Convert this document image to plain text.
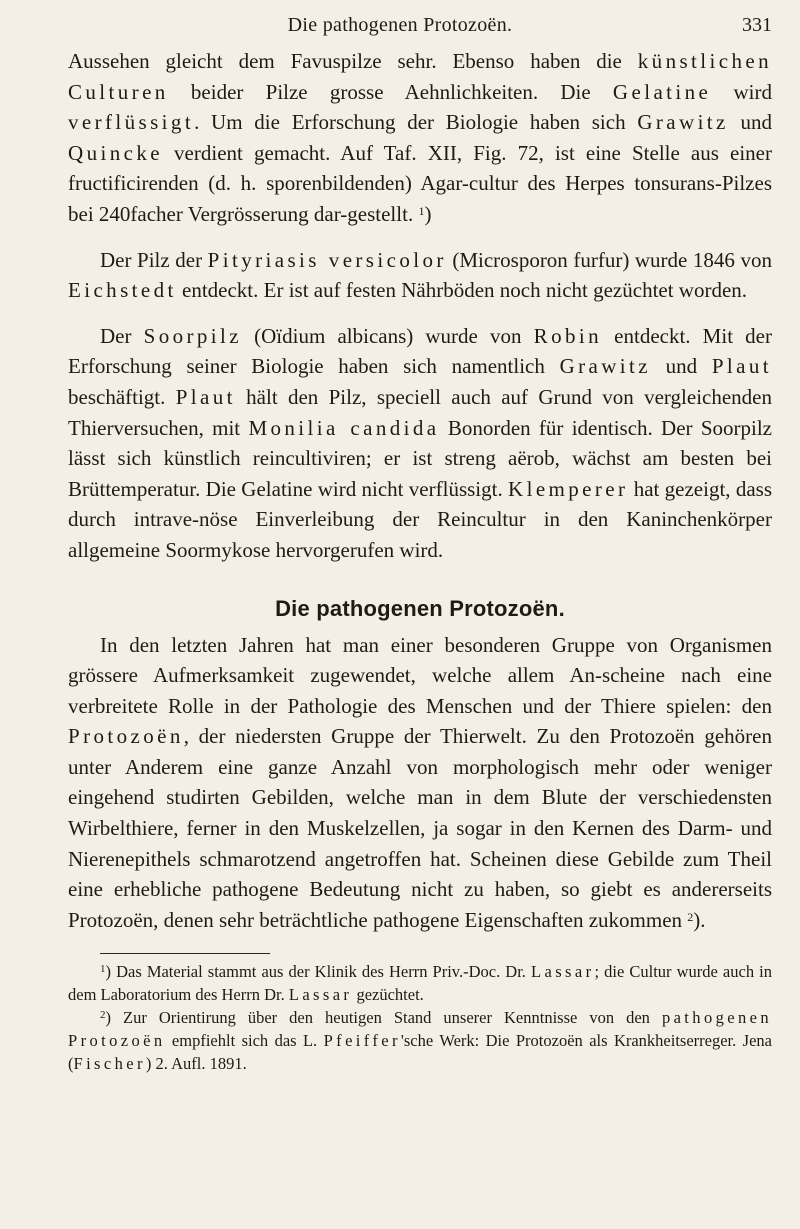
Die pathogenen Protozoën.	331

Aussehen gleicht dem Favuspilze sehr. Ebenso haben die künstlichen Culturen beider Pilze grosse Aehnlichkeiten. Die Gelatine wird verflüssigt. Um die Erforschung der Biologie haben sich Grawitz und Quincke verdient gemacht. Auf Taf. XII, Fig. 72, ist eine Stelle aus einer fructificirenden (d. h. sporenbildenden) Agar-cultur des Herpes tonsurans-Pilzes bei 240facher Vergrösserung dar-gestellt. $^1$)

Der Pilz der Pityriasis versicolor (Microsporon furfur) wurde 1846 von Eichstedt entdeckt. Er ist auf festen Nährböden noch nicht gezüchtet worden.

Der Soorpilz (Oïdium albicans) wurde von Robin entdeckt. Mit der Erforschung seiner Biologie haben sich namentlich Grawitz und Plaut beschäftigt. Plaut hält den Pilz, speciell auch auf Grund von vergleichenden Thierversuchen, mit Monilia candida Bonorden für identisch. Der Soorpilz lässt sich künstlich reincultiviren; er ist streng aërob, wächst am besten bei Brüttemperatur. Die Gelatine wird nicht verflüssigt. Klemperer hat gezeigt, dass durch intrave-nöse Einverleibung der Reincultur in den Kaninchenkörper allgemeine Soormykose hervorgerufen wird.

Die pathogenen Protozoën.

In den letzten Jahren hat man einer besonderen Gruppe von Organismen grössere Aufmerksamkeit zugewendet, welche allem An-scheine nach eine verbreitete Rolle in der Pathologie des Menschen und der Thiere spielen: den Protozoën, der niedersten Gruppe der Thierwelt. Zu den Protozoën gehören unter Anderem eine ganze Anzahl von morphologisch mehr oder weniger eingehend studirten Gebilden, welche man in dem Blute der verschiedensten Wirbelthiere, ferner in den Muskelzellen, ja sogar in den Kernen des Darm- und Nierenepithels schmarotzend angetroffen hat. Scheinen diese Gebilde zum Theil eine erhebliche pathogene Bedeutung nicht zu haben, so giebt es andererseits Protozoën, denen sehr beträchtliche pathogene Eigenschaften zukommen $^2$).

$^1$) Das Material stammt aus der Klinik des Herrn Priv.-Doc. Dr. Lassar; die Cultur wurde auch in dem Laboratorium des Herrn Dr. Lassar gezüchtet.

$^2$) Zur Orientirung über den heutigen Stand unserer Kenntnisse von den pathogenen Protozoën empfiehlt sich das L. Pfeiffer'sche Werk: Die Protozoën als Krankheitserreger. Jena (Fischer) 2. Aufl. 1891.
